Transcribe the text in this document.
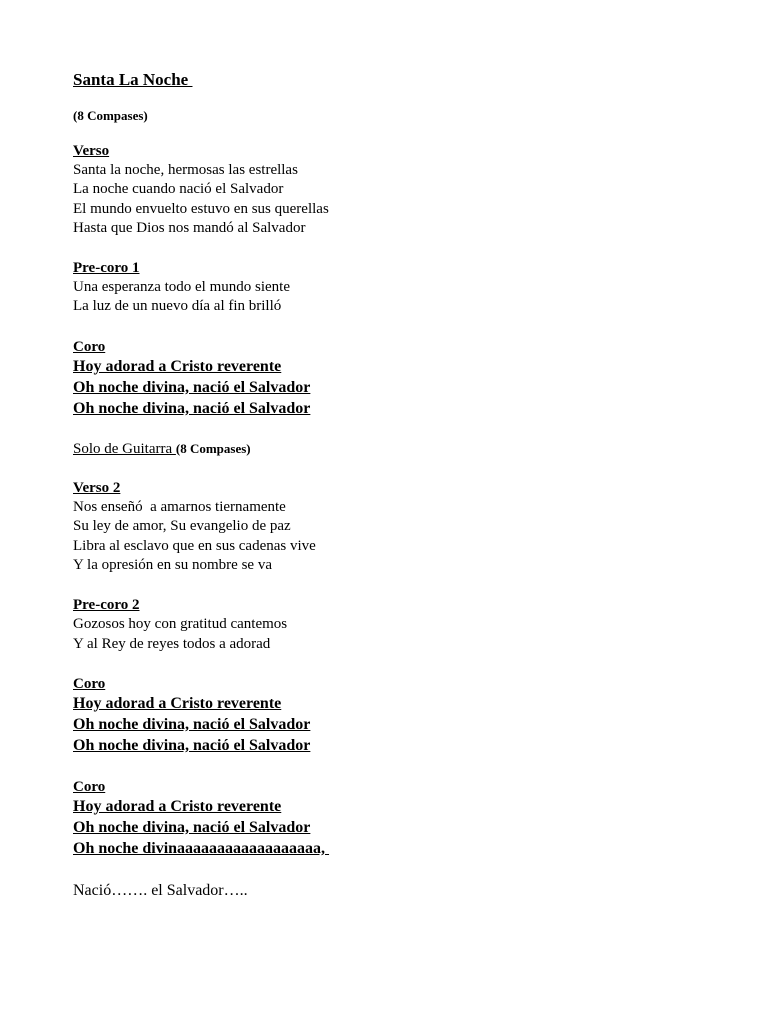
Santa La Noche
(8 Compases)
Verso
Santa la noche, hermosas las estrellas
La noche cuando nació el Salvador
El mundo envuelto estuvo en sus querellas
Hasta que Dios nos mandó al Salvador
Pre-coro 1
Una esperanza todo el mundo siente
La luz de un nuevo día al fin brilló
Coro
Hoy adorad a Cristo reverente
Oh noche divina, nació el Salvador
Oh noche divina, nació el Salvador
Solo de Guitarra (8 Compases)
Verso 2
Nos enseñó  a amarnos tiernamente
Su ley de amor, Su evangelio de paz
Libra al esclavo que en sus cadenas vive
Y la opresión en su nombre se va
Pre-coro 2
Gozosos hoy con gratitud cantemos
Y al Rey de reyes todos a adorad
Coro
Hoy adorad a Cristo reverente
Oh noche divina, nació el Salvador
Oh noche divina, nació el Salvador
Coro
Hoy adorad a Cristo reverente
Oh noche divina, nació el Salvador
Oh noche divinaaaaaaaaaaaaaaaaaa,
Nació……. el Salvador…..
